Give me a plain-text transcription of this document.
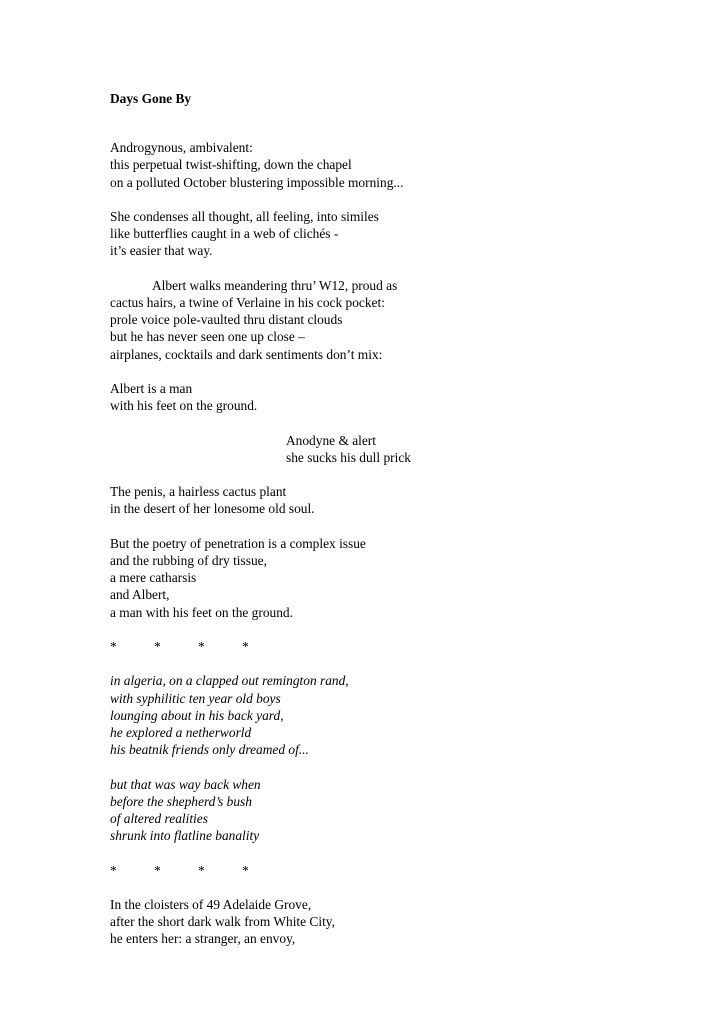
Days Gone By
Androgynous, ambivalent:
this perpetual twist-shifting, down the chapel
on a polluted October blustering impossible morning...
She condenses all thought, all feeling, into similes
like butterflies caught in a web of clichés -
it’s easier that way.
Albert walks meandering thru’ W12, proud as
cactus hairs, a twine of Verlaine in his cock pocket:
prole voice pole-vaulted thru distant clouds
but he has never seen one up close –
airplanes, cocktails and dark sentiments don’t mix:
Albert is a man
with his feet on the ground.
Anodyne & alert
she sucks his dull prick
The penis, a hairless cactus plant
in the desert of her lonesome old soul.
But the poetry of penetration is a complex issue
and the rubbing of dry tissue,
a mere catharsis
and Albert,
a man with his feet on the ground.
*	*	*	*
in algeria, on a clapped out remington rand,
with syphilitic ten year old boys
lounging about in his back yard,
he explored a netherworld
his beatnik friends only dreamed of...
but that was way back when
before the shepherd’s bush
of altered realities
shrunk into flatline banality
*	*	*	*
In the cloisters of 49 Adelaide Grove,
after the short dark walk from White City,
he enters her: a stranger, an envoy,
